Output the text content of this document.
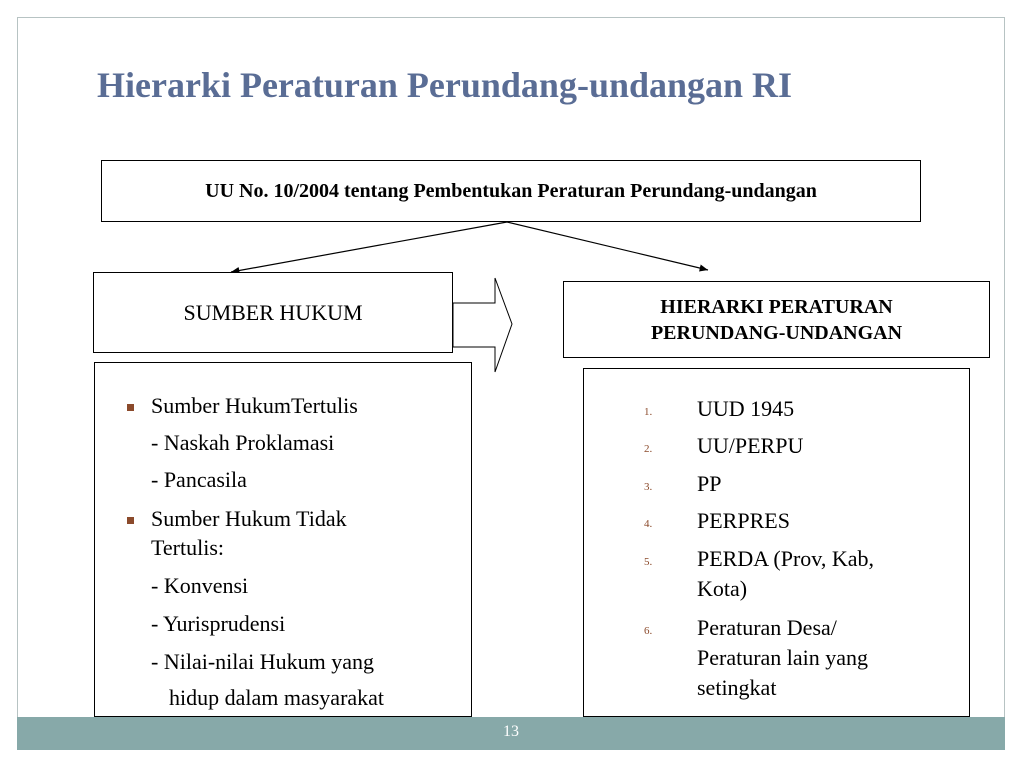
Hierarki Peraturan Perundang-undangan RI
UU No. 10/2004 tentang Pembentukan Peraturan Perundang-undangan
SUMBER HUKUM	HIERARKI PERATURAN
PERUNDANG-UNDANGAN
Sumber HukumTertulis
- Naskah Proklamasi
- Pancasila
Sumber Hukum Tidak
Tertulis:
- Konvensi
- Yurisprudensi
- Nilai-nilai Hukum yang
hidup dalam masyarakat
1. UUD 1945
2. UU/PERPU
3. PP
4. PERPRES
5. PERDA (Prov, Kab,
Kota)
6. Peraturan Desa/
Peraturan lain yang
setingkat
13
